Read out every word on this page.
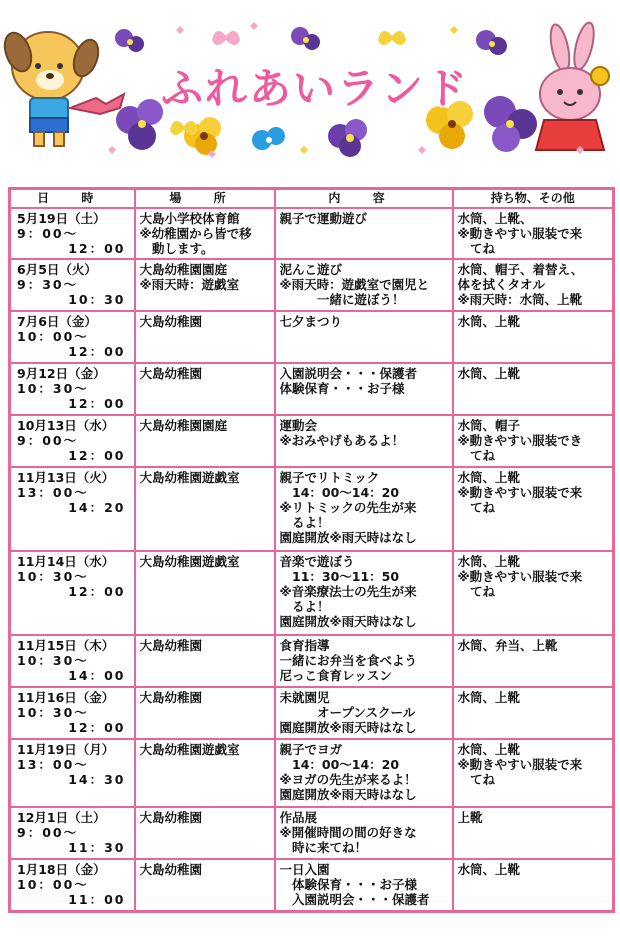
ふれあいランド
日 時	場 所	内 容	持ち物、その他

5月19日（土）
9：00～
12：00	大島小学校体育館
※幼稚園から皆で移
　動します。	親子で運動遊び	水筒、上靴、
※動きやすい服装で来
　てね

6月5日（火）
9：30～
10：30	大島幼稚園園庭
※雨天時：遊戯室	泥んこ遊び
※雨天時：遊戯室で園児と
　　　一緒に遊ぼう！	水筒、帽子、着替え、
体を拭くタオル
※雨天時：水筒、上靴

7月6日（金）
10：00～
12：00	大島幼稚園	七夕まつり	水筒、上靴

9月12日（金）
10：30～
12：00	大島幼稚園	入園説明会・・・保護者
体験保育・・・お子様	水筒、上靴

10月13日（水）
9：00～
12：00	大島幼稚園園庭	運動会
※おみやげもあるよ！	水筒、帽子
※動きやすい服装でき
　てね

11月13日（火）
13：00～
14：20	大島幼稚園遊戯室	親子でリトミック
　14：00～14：20
※リトミックの先生が来
　るよ！
園庭開放※雨天時はなし	水筒、上靴
※動きやすい服装で来
　てね

11月14日（水）
10：30～
12：00	大島幼稚園遊戯室	音楽で遊ぼう
　11：30～11：50
※音楽療法士の先生が来
　るよ！
園庭開放※雨天時はなし	水筒、上靴
※動きやすい服装で来
　てね

11月15日（木）
10：30～
14：00	大島幼稚園	食育指導
一緒にお弁当を食べよう
尼っこ食育レッスン	水筒、弁当、上靴

11月16日（金）
10：30～
12：00	大島幼稚園	未就園児
　　　オープンスクール
園庭開放※雨天時はなし	水筒、上靴

11月19日（月）
13：00～
14：30	大島幼稚園遊戯室	親子でヨガ
　14：00～14：20
※ヨガの先生が来るよ！
園庭開放※雨天時はなし	水筒、上靴
※動きやすい服装で来
　てね

12月1日（土）
9：00～
11：30	大島幼稚園	作品展
※開催時間の間の好きな
　時に来てね！	上靴

1月18日（金）
10：00～
11：00	大島幼稚園	一日入園
　体験保育・・・お子様
　入園説明会・・・保護者	水筒、上靴
